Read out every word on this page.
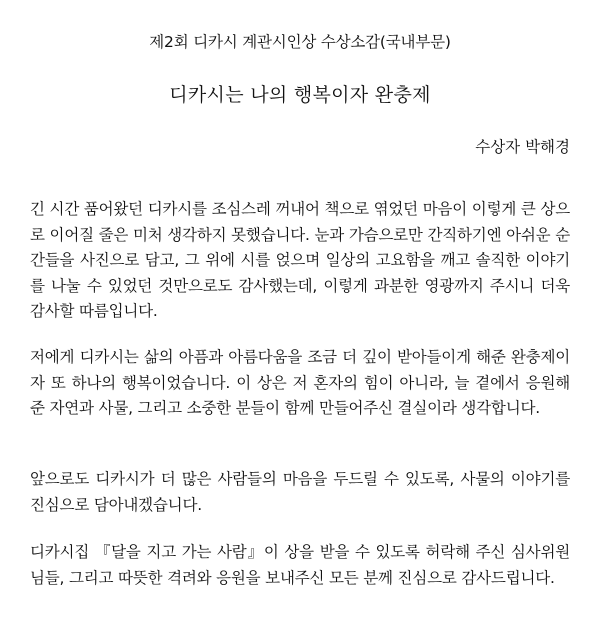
제2회 디카시 계관시인상 수상소감(국내부문)
디카시는 나의 행복이자 완충제
수상자 박해경

긴 시간 품어왔던 디카시를 조심스레 꺼내어 책으로 엮었던 마음이 이렇게 큰 상으로 이어질 줄은 미처 생각하지 못했습니다. 눈과 가슴으로만 간직하기엔 아쉬운 순간들을 사진으로 담고, 그 위에 시를 얹으며 일상의 고요함을 깨고 솔직한 이야기를 나눌 수 있었던 것만으로도 감사했는데, 이렇게 과분한 영광까지 주시니 더욱 감사할 따름입니다.

저에게 디카시는 삶의 아픔과 아름다움을 조금 더 깊이 받아들이게 해준 완충제이자 또 하나의 행복이었습니다. 이 상은 저 혼자의 힘이 아니라, 늘 곁에서 응원해 준 자연과 사물, 그리고 소중한 분들이 함께 만들어주신 결실이라 생각합니다.

앞으로도 디카시가 더 많은 사람들의 마음을 두드릴 수 있도록, 사물의 이야기를 진심으로 담아내겠습니다.

디카시집 『달을 지고 가는 사람』이 상을 받을 수 있도록 허락해 주신 심사위원님들, 그리고 따뜻한 격려와 응원을 보내주신 모든 분께 진심으로 감사드립니다.
